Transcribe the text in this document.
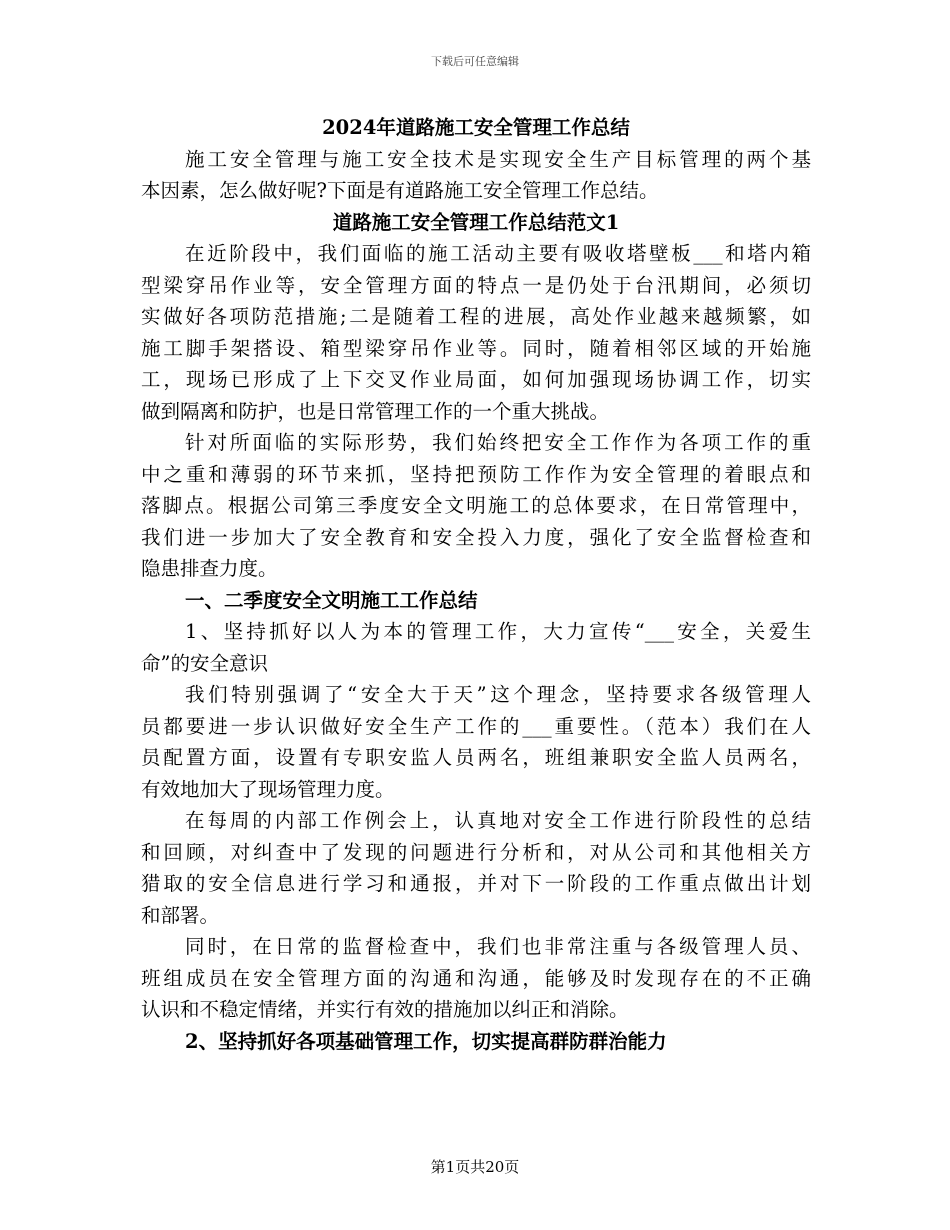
下载后可任意编辑
2024年道路施工安全管理工作总结
施工安全管理与施工安全技术是实现安全生产目标管理的两个基
本因素，怎么做好呢?下面是有道路施工安全管理工作总结。
道路施工安全管理工作总结范文1
在近阶段中，我们面临的施工活动主要有吸收塔壁板___和塔内箱
型梁穿吊作业等，安全管理方面的特点一是仍处于台汛期间，必须切
实做好各项防范措施;二是随着工程的进展，高处作业越来越频繁，如
施工脚手架搭设、箱型梁穿吊作业等。同时，随着相邻区域的开始施
工，现场已形成了上下交叉作业局面，如何加强现场协调工作，切实
做到隔离和防护，也是日常管理工作的一个重大挑战。
针对所面临的实际形势，我们始终把安全工作作为各项工作的重
中之重和薄弱的环节来抓，坚持把预防工作作为安全管理的着眼点和
落脚点。根据公司第三季度安全文明施工的总体要求，在日常管理中，
我们进一步加大了安全教育和安全投入力度，强化了安全监督检查和
隐患排查力度。
一、二季度安全文明施工工作总结
1、坚持抓好以人为本的管理工作，大力宣传“___安全，关爱生
命”的安全意识
我们特别强调了“安全大于天”这个理念，坚持要求各级管理人
员都要进一步认识做好安全生产工作的___重要性。（范本）我们在人
员配置方面，设置有专职安监人员两名，班组兼职安全监人员两名，
有效地加大了现场管理力度。
在每周的内部工作例会上，认真地对安全工作进行阶段性的总结
和回顾，对纠查中了发现的问题进行分析和，对从公司和其他相关方
猎取的安全信息进行学习和通报，并对下一阶段的工作重点做出计划
和部署。
同时，在日常的监督检查中，我们也非常注重与各级管理人员、
班组成员在安全管理方面的沟通和沟通，能够及时发现存在的不正确
认识和不稳定情绪，并实行有效的措施加以纠正和消除。
2、坚持抓好各项基础管理工作，切实提高群防群治能力
第1页共20页
